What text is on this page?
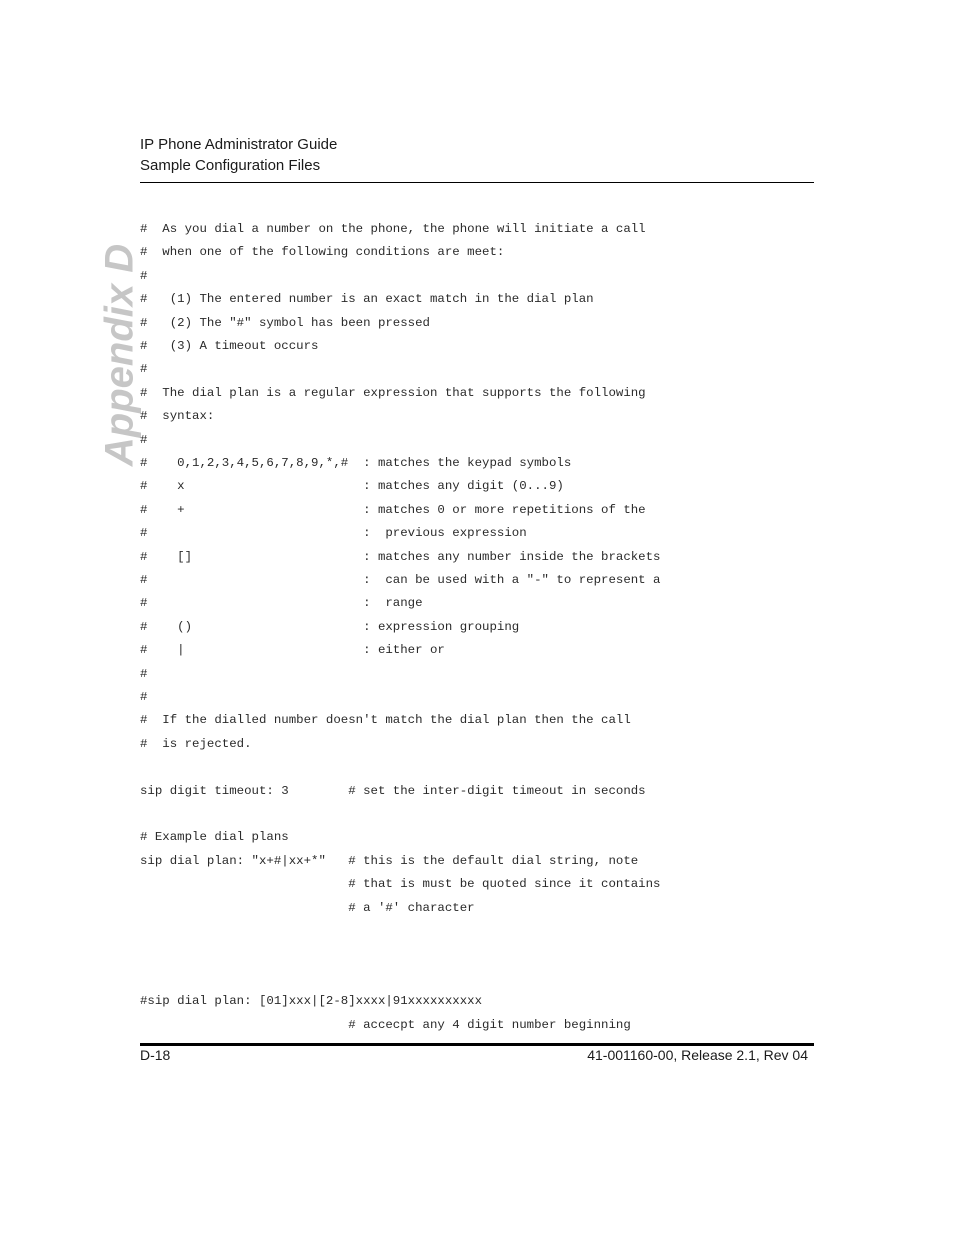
IP Phone Administrator Guide
Sample Configuration Files
Appendix D
#  As you dial a number on the phone, the phone will initiate a call
#  when one of the following conditions are meet:
#
#   (1) The entered number is an exact match in the dial plan
#   (2) The "#" symbol has been pressed
#   (3) A timeout occurs
#
#  The dial plan is a regular expression that supports the following
#  syntax:
#
#    0,1,2,3,4,5,6,7,8,9,*,#  : matches the keypad symbols
#    x                        : matches any digit (0...9)
#    +                        : matches 0 or more repetitions of the
#                             :  previous expression
#    []                       : matches any number inside the brackets
#                             :  can be used with a "-" to represent a
#                             :  range
#    ()                       : expression grouping
#    |                        : either or
#
#
#  If the dialled number doesn't match the dial plan then the call
#  is rejected.
sip digit timeout: 3        # set the inter-digit timeout in seconds
# Example dial plans
sip dial plan: "x+#|xx+*"   # this is the default dial string, note
# that is must be quoted since it contains
# a '#' character
#sip dial plan: [01]xxx|[2-8]xxxx|91xxxxxxxxxx
# accecpt any 4 digit number beginning
D-18	41-001160-00, Release 2.1, Rev 04
